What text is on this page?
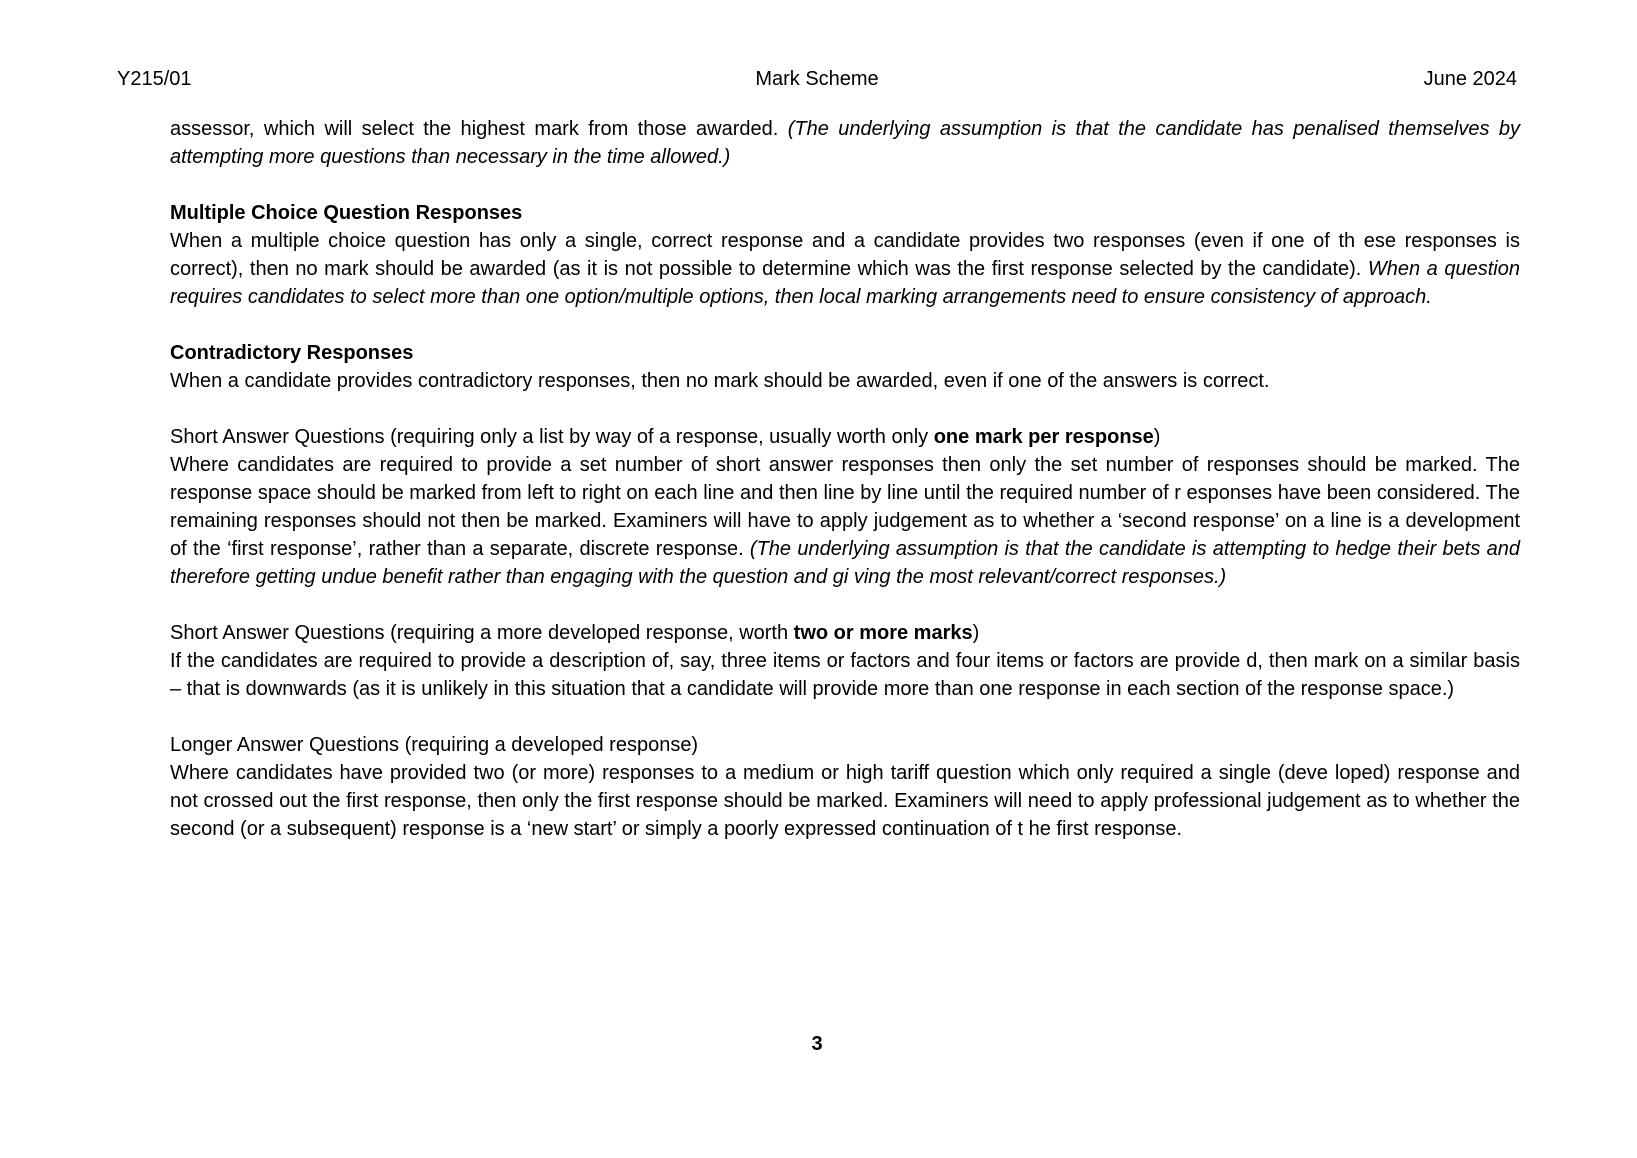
Y215/01	Mark Scheme	June 2024

assessor, which will select the highest mark from those awarded. (The underlying assumption is that the candidate has penalised themselves by attempting more questions than necessary in the time allowed.)

Multiple Choice Question Responses

When a multiple choice question has only a single, correct response and a candidate provides two responses (even if one of th ese responses is correct), then no mark should be awarded (as it is not possible to determine which was the first response selected by the candidate). When a question requires candidates to select more than one option/multiple options, then local marking arrangements need to ensure consistency of approach.

Contradictory Responses

When a candidate provides contradictory responses, then no mark should be awarded, even if one of the answers is correct.

Short Answer Questions (requiring only a list by way of a response, usually worth only one mark per response)

Where candidates are required to provide a set number of short answer responses then only the set number of responses should be marked. The response space should be marked from left to right on each line and then line by line until the required number of r esponses have been considered. The remaining responses should not then be marked. Examiners will have to apply judgement as to whether a ‘second response’ on a line is a development of the ‘first response’, rather than a separate, discrete response. (The underlying assumption is that the candidate is attempting to hedge their bets and therefore getting undue benefit rather than engaging with the question and gi ving the most relevant/correct responses.)

Short Answer Questions (requiring a more developed response, worth two or more marks)

If the candidates are required to provide a description of, say, three items or factors and four items or factors are provide d, then mark on a similar basis – that is downwards (as it is unlikely in this situation that a candidate will provide more than one response in each section of the response space.)

Longer Answer Questions (requiring a developed response)

Where candidates have provided two (or more) responses to a medium or high tariff question which only required a single (deve loped) response and not crossed out the first response, then only the first response should be marked. Examiners will need to apply professional judgement as to whether the second (or a subsequent) response is a ‘new start’ or simply a poorly expressed continuation of t he first response.

3
